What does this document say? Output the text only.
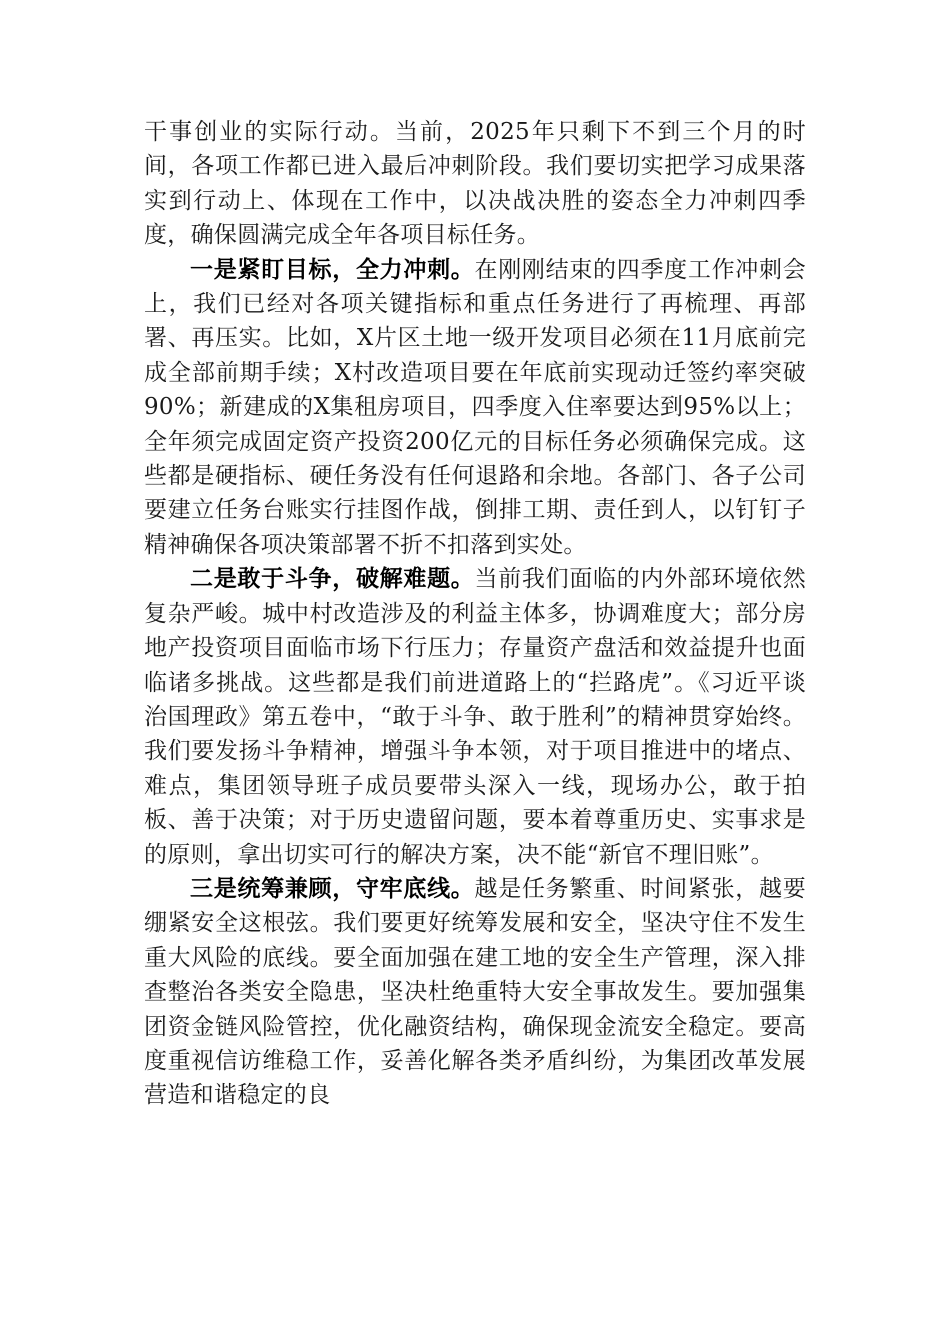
干事创业的实际行动。当前，2025年只剩下不到三个月的时间，各项工作都已进入最后冲刺阶段。我们要切实把学习成果落实到行动上、体现在工作中，以决战决胜的姿态全力冲刺四季度，确保圆满完成全年各项目标任务。

一是紧盯目标，全力冲刺。在刚刚结束的四季度工作冲刺会上，我们已经对各项关键指标和重点任务进行了再梳理、再部署、再压实。比如，X片区土地一级开发项目必须在11月底前完成全部前期手续；X村改造项目要在年底前实现动迁签约率突破90%；新建成的X集租房项目，四季度入住率要达到95%以上；全年须完成固定资产投资200亿元的目标任务必须确保完成。这些都是硬指标、硬任务没有任何退路和余地。各部门、各子公司要建立任务台账实行挂图作战，倒排工期、责任到人，以钉钉子精神确保各项决策部署不折不扣落到实处。

二是敢于斗争，破解难题。当前我们面临的内外部环境依然复杂严峻。城中村改造涉及的利益主体多，协调难度大；部分房地产投资项目面临市场下行压力；存量资产盘活和效益提升也面临诸多挑战。这些都是我们前进道路上的“拦路虎”。《习近平谈治国理政》第五卷中，“敢于斗争、敢于胜利”的精神贯穿始终。我们要发扬斗争精神，增强斗争本领，对于项目推进中的堵点、难点，集团领导班子成员要带头深入一线，现场办公，敢于拍板、善于决策；对于历史遗留问题，要本着尊重历史、实事求是的原则，拿出切实可行的解决方案，决不能“新官不理旧账”。

三是统筹兼顾，守牢底线。越是任务繁重、时间紧张，越要绷紧安全这根弦。我们要更好统筹发展和安全，坚决守住不发生重大风险的底线。要全面加强在建工地的安全生产管理，深入排查整治各类安全隐患，坚决杜绝重特大安全事故发生。要加强集团资金链风险管控，优化融资结构，确保现金流安全稳定。要高度重视信访维稳工作，妥善化解各类矛盾纠纷，为集团改革发展营造和谐稳定的良
